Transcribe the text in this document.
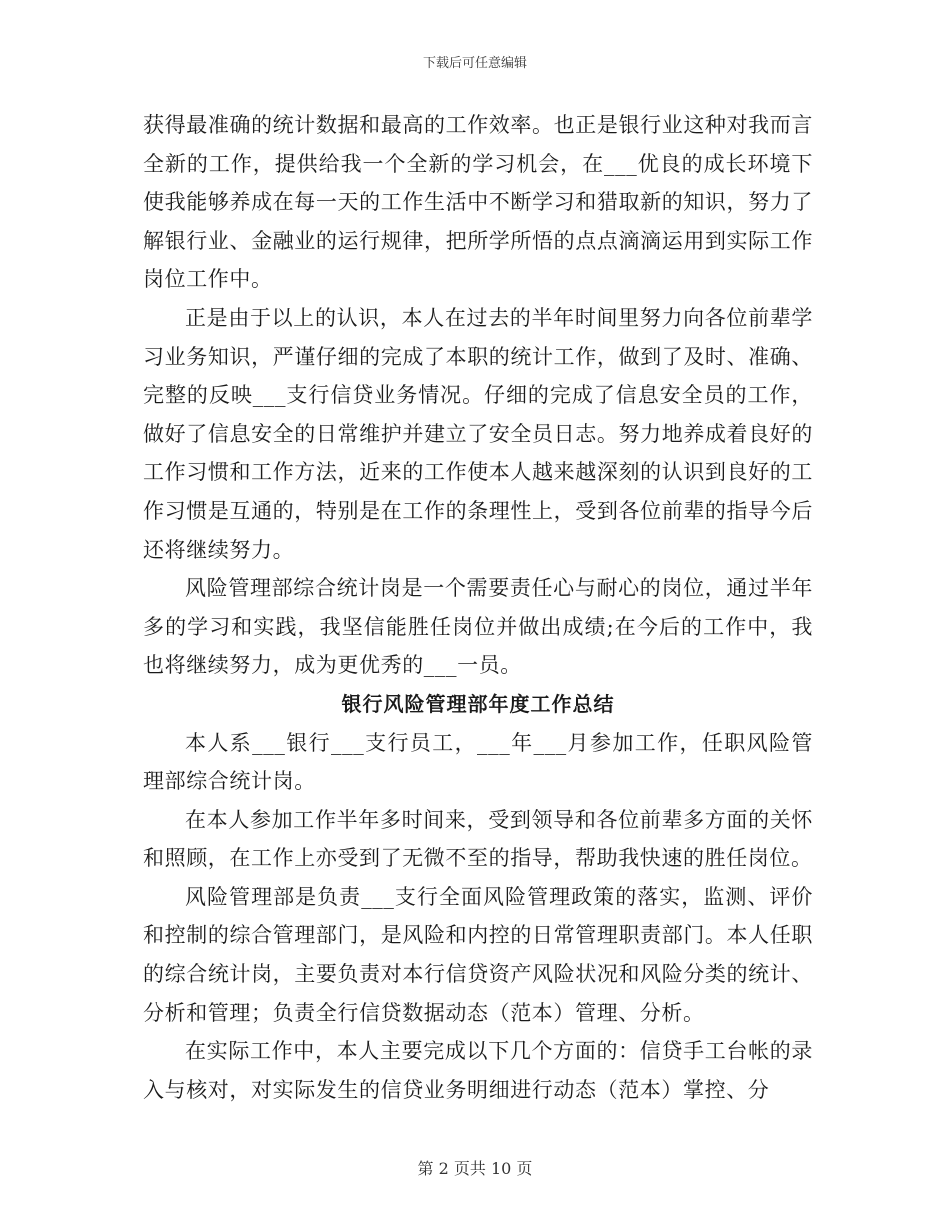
下载后可任意编辑

获得最准确的统计数据和最高的工作效率。也正是银行业这种对我而言全新的工作，提供给我一个全新的学习机会，在___优良的成长环境下使我能够养成在每一天的工作生活中不断学习和猎取新的知识，努力了解银行业、金融业的运行规律，把所学所悟的点点滴滴运用到实际工作岗位工作中。

正是由于以上的认识，本人在过去的半年时间里努力向各位前辈学习业务知识，严谨仔细的完成了本职的统计工作，做到了及时、准确、完整的反映___支行信贷业务情况。仔细的完成了信息安全员的工作，做好了信息安全的日常维护并建立了安全员日志。努力地养成着良好的工作习惯和工作方法，近来的工作使本人越来越深刻的认识到良好的工作习惯是互通的，特别是在工作的条理性上，受到各位前辈的指导今后还将继续努力。

风险管理部综合统计岗是一个需要责任心与耐心的岗位，通过半年多的学习和实践，我坚信能胜任岗位并做出成绩;在今后的工作中，我也将继续努力，成为更优秀的___一员。

银行风险管理部年度工作总结

本人系___银行___支行员工，___年___月参加工作，任职风险管理部综合统计岗。

在本人参加工作半年多时间来，受到领导和各位前辈多方面的关怀和照顾，在工作上亦受到了无微不至的指导，帮助我快速的胜任岗位。

风险管理部是负责___支行全面风险管理政策的落实，监测、评价和控制的综合管理部门，是风险和内控的日常管理职责部门。本人任职的综合统计岗，主要负责对本行信贷资产风险状况和风险分类的统计、分析和管理；负责全行信贷数据动态（范本）管理、分析。

在实际工作中，本人主要完成以下几个方面的：信贷手工台帐的录入与核对，对实际发生的信贷业务明细进行动态（范本）掌控、分

第 2 页共 10 页
